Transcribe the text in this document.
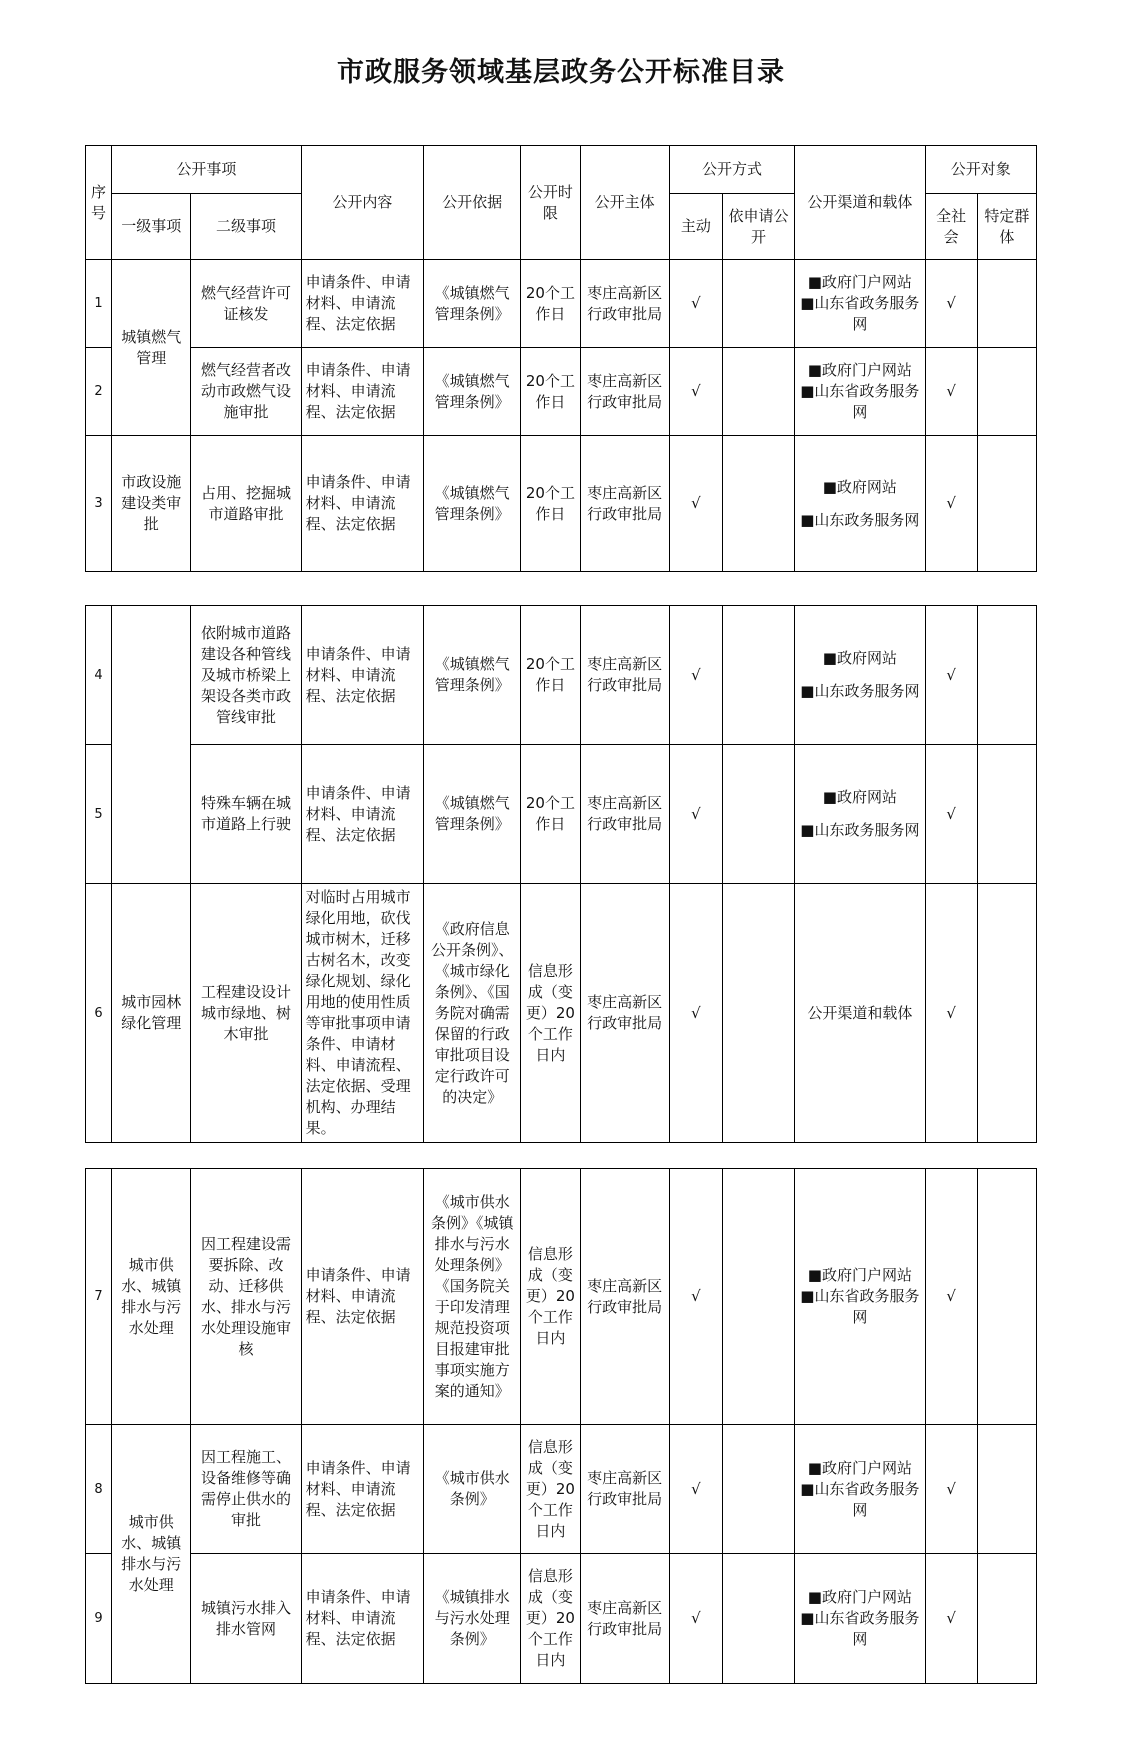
市政服务领域基层政务公开标准目录
序号	公开事项		公开内容	公开依据	公开时限	公开主体	公开方式		公开渠道和载体	公开对象	
	一级事项	二级事项					主动	依申请公开		全社会	特定群体
1	城镇燃气管理	燃气经营许可证核发	申请条件、申请材料、申请流程、法定依据	《城镇燃气管理条例》	20个工作日	枣庄高新区行政审批局	√		■政府门户网站
■山东省政务服务网	√	
2		燃气经营者改动市政燃气设施审批	申请条件、申请材料、申请流程、法定依据	《城镇燃气管理条例》	20个工作日	枣庄高新区行政审批局	√		■政府门户网站
■山东省政务服务网	√	
3	市政设施建设类审批	占用、挖掘城市道路审批	申请条件、申请材料、申请流程、法定依据	《城镇燃气管理条例》	20个工作日	枣庄高新区行政审批局	√		■政府网站
■山东政务服务网	√	
4		依附城市道路建设各种管线及城市桥梁上架设各类市政管线审批	申请条件、申请材料、申请流程、法定依据	《城镇燃气管理条例》	20个工作日	枣庄高新区行政审批局	√		■政府网站
■山东政务服务网	√	
5		特殊车辆在城市道路上行驶	申请条件、申请材料、申请流程、法定依据	《城镇燃气管理条例》	20个工作日	枣庄高新区行政审批局	√		■政府网站
■山东政务服务网	√	
6	城市园林绿化管理	工程建设设计城市绿地、树木审批	对临时占用城市绿化用地，砍伐城市树木，迁移古树名木，改变绿化规划、绿化用地的使用性质等审批事项申请条件、申请材料、申请流程、法定依据、受理机构、办理结果。	《政府信息公开条例》、《城市绿化条例》、《国务院对确需保留的行政审批项目设定行政许可的决定》	信息形成（变更）20个工作日内	枣庄高新区行政审批局	√		公开渠道和载体	√	
7	城市供水、城镇排水与污水处理	因工程建设需要拆除、改动、迁移供水、排水与污水处理设施审核	申请条件、申请材料、申请流程、法定依据	《城市供水条例》《城镇排水与污水处理条例》《国务院关于印发清理规范投资项目报建审批事项实施方案的通知》	信息形成（变更）20个工作日内	枣庄高新区行政审批局	√		■政府门户网站
■山东省政务服务网	√	
8	城市供水、城镇排水与污水处理	因工程施工、设备维修等确需停止供水的审批	申请条件、申请材料、申请流程、法定依据	《城市供水条例》	信息形成（变更）20个工作日内	枣庄高新区行政审批局	√		■政府门户网站
■山东省政务服务网	√	
9		城镇污水排入排水管网	申请条件、申请材料、申请流程、法定依据	《城镇排水与污水处理条例》	信息形成（变更）20个工作日内	枣庄高新区行政审批局	√		■政府门户网站
■山东省政务服务网	√	
